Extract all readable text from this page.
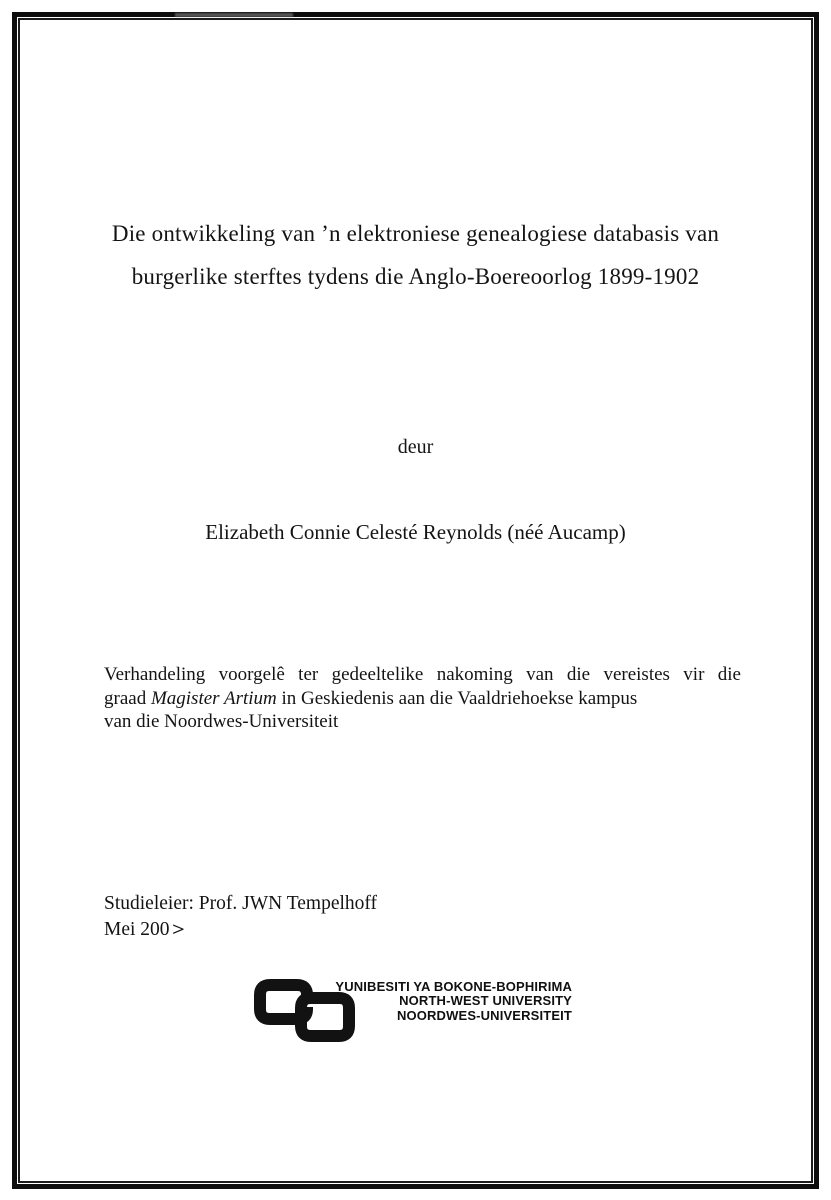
Die ontwikkeling van ’n elektroniese genealogiese databasis van
burgerlike sterftes tydens die Anglo-Boereoorlog 1899-1902
deur
Elizabeth Connie Celesté Reynolds (néé Aucamp)
Verhandeling voorgelê ter gedeeltelike nakoming van die vereistes vir die
graad Magister Artium in Geskiedenis aan die Vaaldriehoekse kampus
van die Noordwes-Universiteit
Studieleier: Prof. JWN Tempelhoff
Mei 200 >
YUNIBESITI YA BOKONE-BOPHIRIMA
NORTH-WEST UNIVERSITY
NOORDWES-UNIVERSITEIT
